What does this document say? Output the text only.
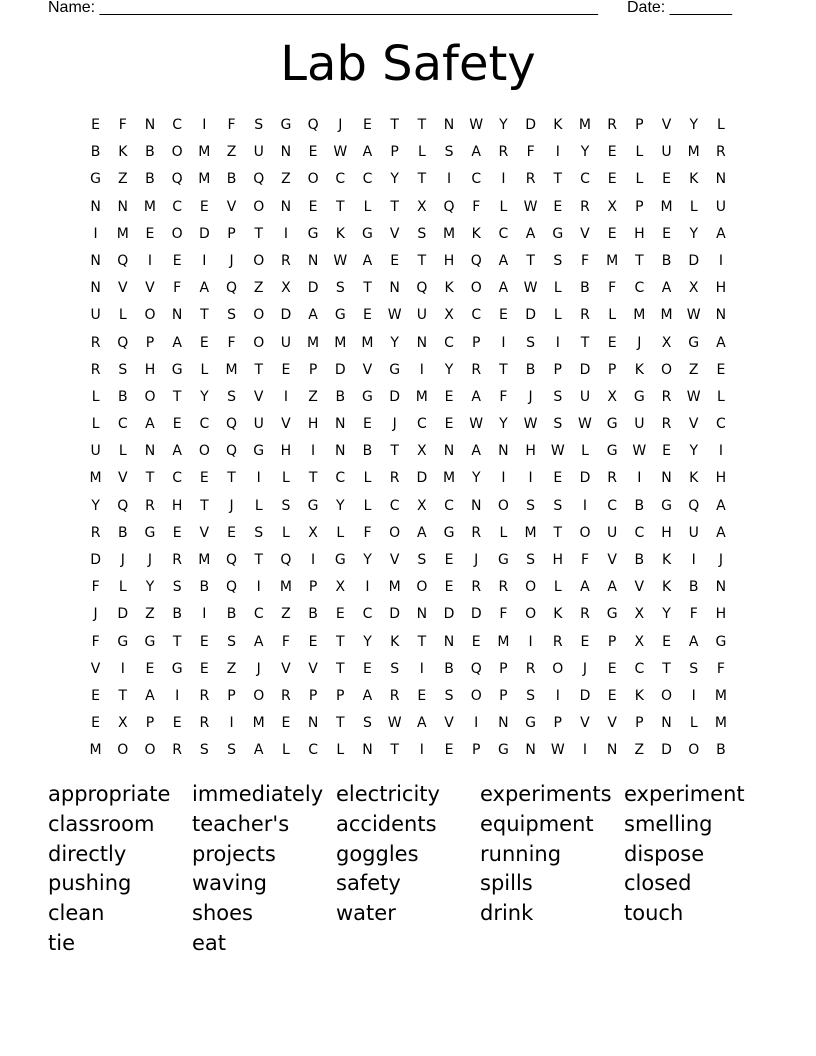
Name: ________________________________________________________ Date: _______
Lab Safety
E	F	N	C	I	F	S	G	Q	J	E	T	T	N	W	Y	D	K	M	R	P	V	Y	L
B	K	B	O	M	Z	U	N	E	W	A	P	L	S	A	R	F	I	Y	E	L	U	M	R
G	Z	B	Q	M	B	Q	Z	O	C	C	Y	T	I	C	I	R	T	C	E	L	E	K	N
N	N	M	C	E	V	O	N	E	T	L	T	X	Q	F	L	W	E	R	X	P	M	L	U
I	M	E	O	D	P	T	I	G	K	G	V	S	M	K	C	A	G	V	E	H	E	Y	A
N	Q	I	E	I	J	O	R	N	W	A	E	T	H	Q	A	T	S	F	M	T	B	D	I
N	V	V	F	A	Q	Z	X	D	S	T	N	Q	K	O	A	W	L	B	F	C	A	X	H
U	L	O	N	T	S	O	D	A	G	E	W	U	X	C	E	D	L	R	L	M	M	W	N
R	Q	P	A	E	F	O	U	M	M	M	Y	N	C	P	I	S	I	T	E	J	X	G	A
R	S	H	G	L	M	T	E	P	D	V	G	I	Y	R	T	B	P	D	P	K	O	Z	E
L	B	O	T	Y	S	V	I	Z	B	G	D	M	E	A	F	J	S	U	X	G	R	W	L
L	C	A	E	C	Q	U	V	H	N	E	J	C	E	W	Y	W	S	W	G	U	R	V	C
U	L	N	A	O	Q	G	H	I	N	B	T	X	N	A	N	H	W	L	G	W	E	Y	I
M	V	T	C	E	T	I	L	T	C	L	R	D	M	Y	I	I	E	D	R	I	N	K	H
Y	Q	R	H	T	J	L	S	G	Y	L	C	X	C	N	O	S	S	I	C	B	G	Q	A
R	B	G	E	V	E	S	L	X	L	F	O	A	G	R	L	M	T	O	U	C	H	U	A
D	J	J	R	M	Q	T	Q	I	G	Y	V	S	E	J	G	S	H	F	V	B	K	I	J
F	L	Y	S	B	Q	I	M	P	X	I	M	O	E	R	R	O	L	A	A	V	K	B	N
J	D	Z	B	I	B	C	Z	B	E	C	D	N	D	D	F	O	K	R	G	X	Y	F	H
F	G	G	T	E	S	A	F	E	T	Y	K	T	N	E	M	I	R	E	P	X	E	A	G
V	I	E	G	E	Z	J	V	V	T	E	S	I	B	Q	P	R	O	J	E	C	T	S	F
E	T	A	I	R	P	O	R	P	P	A	R	E	S	O	P	S	I	D	E	K	O	I	M
E	X	P	E	R	I	M	E	N	T	S	W	A	V	I	N	G	P	V	V	P	N	L	M
M	O	O	R	S	S	A	L	C	L	N	T	I	E	P	G	N	W	I	N	Z	D	O	B
appropriate	immediately electricity	experiments experiment
classroom	teacher's	accidents	equipment	smelling
directly	projects	goggles	running	dispose
pushing	waving	safety	spills	closed
clean	shoes	water	drink	touch
tie	eat
